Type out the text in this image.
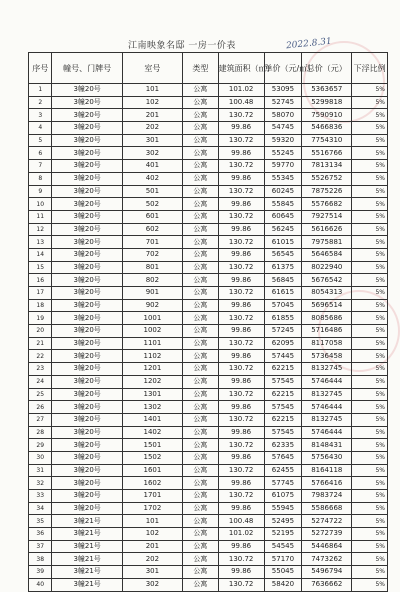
江南映象名邸 一房一价表	2022.8.31
序号	幢号、门牌号	室号	类型	建筑面积（㎡）	单价（元/㎡）	总价（元）	下浮比例
1	3幢20号	101	公寓	101.02	53095	5363657	5%
2	3幢20号	102	公寓	100.48	52745	5299818	5%
3	3幢20号	201	公寓	130.72	58070	7590910	5%
4	3幢20号	202	公寓	99.86	54745	5466836	5%
5	3幢20号	301	公寓	130.72	59320	7754310	5%
6	3幢20号	302	公寓	99.86	55245	5516766	5%
7	3幢20号	401	公寓	130.72	59770	7813134	5%
8	3幢20号	402	公寓	99.86	55345	5526752	5%
9	3幢20号	501	公寓	130.72	60245	7875226	5%
10	3幢20号	502	公寓	99.86	55845	5576682	5%
11	3幢20号	601	公寓	130.72	60645	7927514	5%
12	3幢20号	602	公寓	99.86	56245	5616626	5%
13	3幢20号	701	公寓	130.72	61015	7975881	5%
14	3幢20号	702	公寓	99.86	56545	5646584	5%
15	3幢20号	801	公寓	130.72	61375	8022940	5%
16	3幢20号	802	公寓	99.86	56845	5676542	5%
17	3幢20号	901	公寓	130.72	61615	8054313	5%
18	3幢20号	902	公寓	99.86	57045	5696514	5%
19	3幢20号	1001	公寓	130.72	61855	8085686	5%
20	3幢20号	1002	公寓	99.86	57245	5716486	5%
21	3幢20号	1101	公寓	130.72	62095	8117058	5%
22	3幢20号	1102	公寓	99.86	57445	5736458	5%
23	3幢20号	1201	公寓	130.72	62215	8132745	5%
24	3幢20号	1202	公寓	99.86	57545	5746444	5%
25	3幢20号	1301	公寓	130.72	62215	8132745	5%
26	3幢20号	1302	公寓	99.86	57545	5746444	5%
27	3幢20号	1401	公寓	130.72	62215	8132745	5%
28	3幢20号	1402	公寓	99.86	57545	5746444	5%
29	3幢20号	1501	公寓	130.72	62335	8148431	5%
30	3幢20号	1502	公寓	99.86	57645	5756430	5%
31	3幢20号	1601	公寓	130.72	62455	8164118	5%
32	3幢20号	1602	公寓	99.86	57745	5766416	5%
33	3幢20号	1701	公寓	130.72	61075	7983724	5%
34	3幢20号	1702	公寓	99.86	55945	5586668	5%
35	3幢21号	101	公寓	100.48	52495	5274722	5%
36	3幢21号	102	公寓	101.02	52195	5272739	5%
37	3幢21号	201	公寓	99.86	54545	5446864	5%
38	3幢21号	202	公寓	130.72	57170	7473262	5%
39	3幢21号	301	公寓	99.86	55045	5496794	5%
40	3幢21号	302	公寓	130.72	58420	7636662	5%
